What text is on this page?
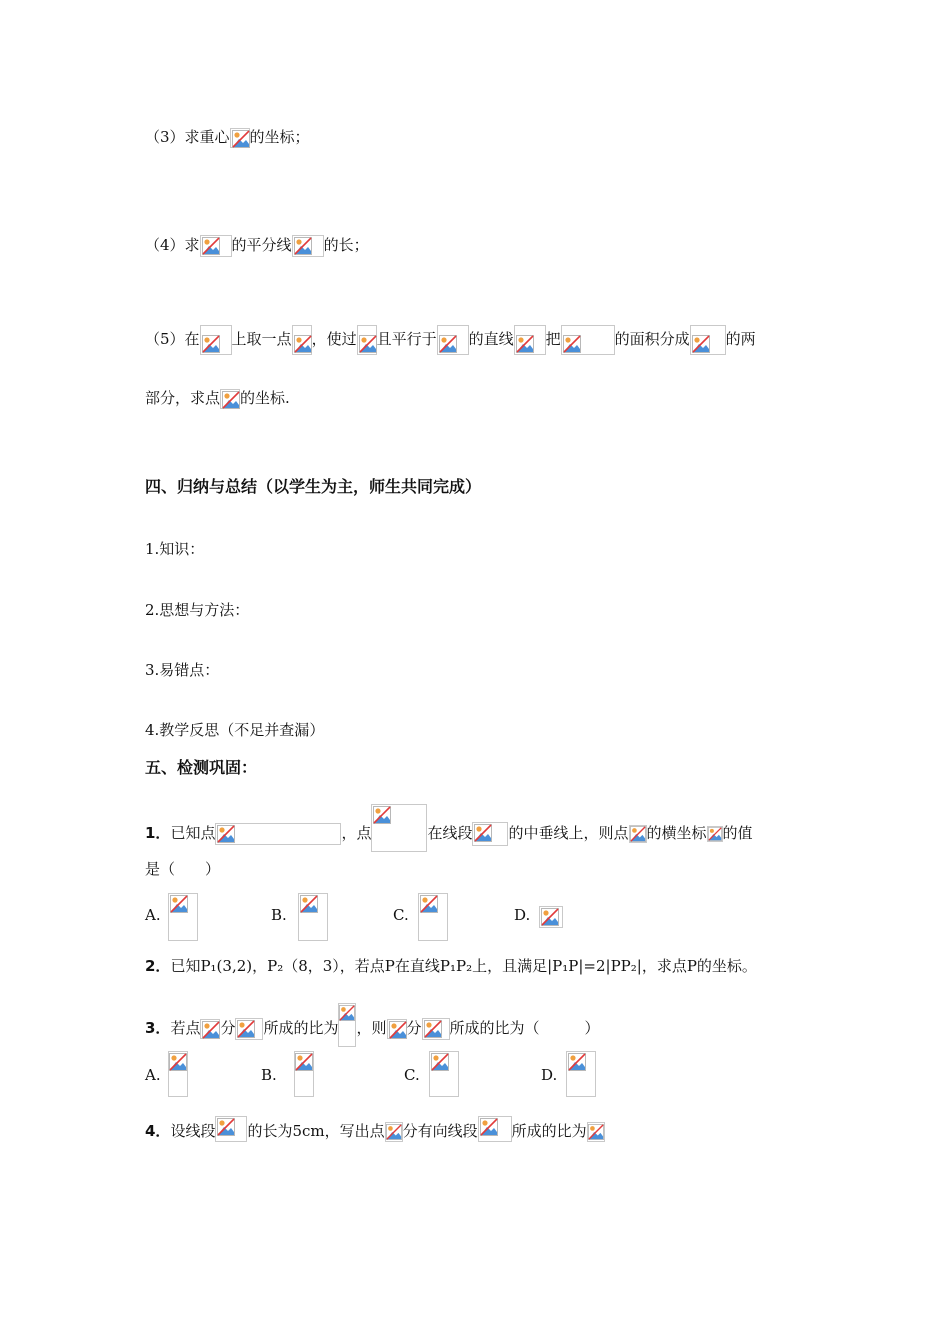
（3）求重心 的坐标；
（4）求 的平分线 的长；
（5）在 上取一点 ，使过 且平行于 的直线 把	的面积分成 的两
部分，求点 的坐标.
四、归纳与总结（以学生为主，师生共同完成）
1.知识：
2.思想与方法：
3.易错点：
4.教学反思（不足并查漏）
五、检测巩固：
1．已知点	，点	在线段 的中垂线上，则点 的横坐标 的值
是（　　）
A.	B.	C.	D.
2．已知P₁(3,2)，P₂（8，3），若点P在直线P₁P₂上，且满足|P₁P|=2|PP₂|，求点P的坐标。
3．若点 分 所成的比为 ，则 分 所成的比为（　　　）
A.	B.	C.	D.
4．设线段 的长为5cm，写出点 分有向线段 所成的比为
